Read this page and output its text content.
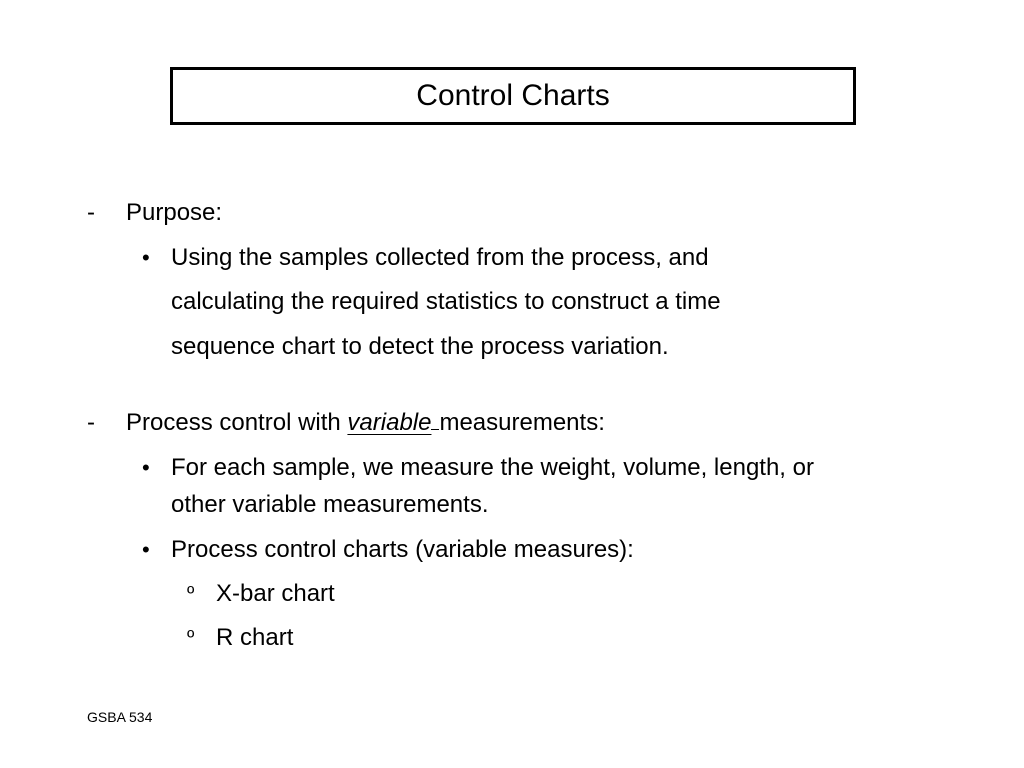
Control Charts
- Purpose:
• Using the samples collected from the process, and
calculating the required statistics to construct a time
sequence chart to detect the process variation.
- Process control with variable measurements:
• For each sample, we measure the weight, volume, length, or
other variable measurements.
• Process control charts (variable measures):
º X-bar chart
º R chart
GSBA 534
